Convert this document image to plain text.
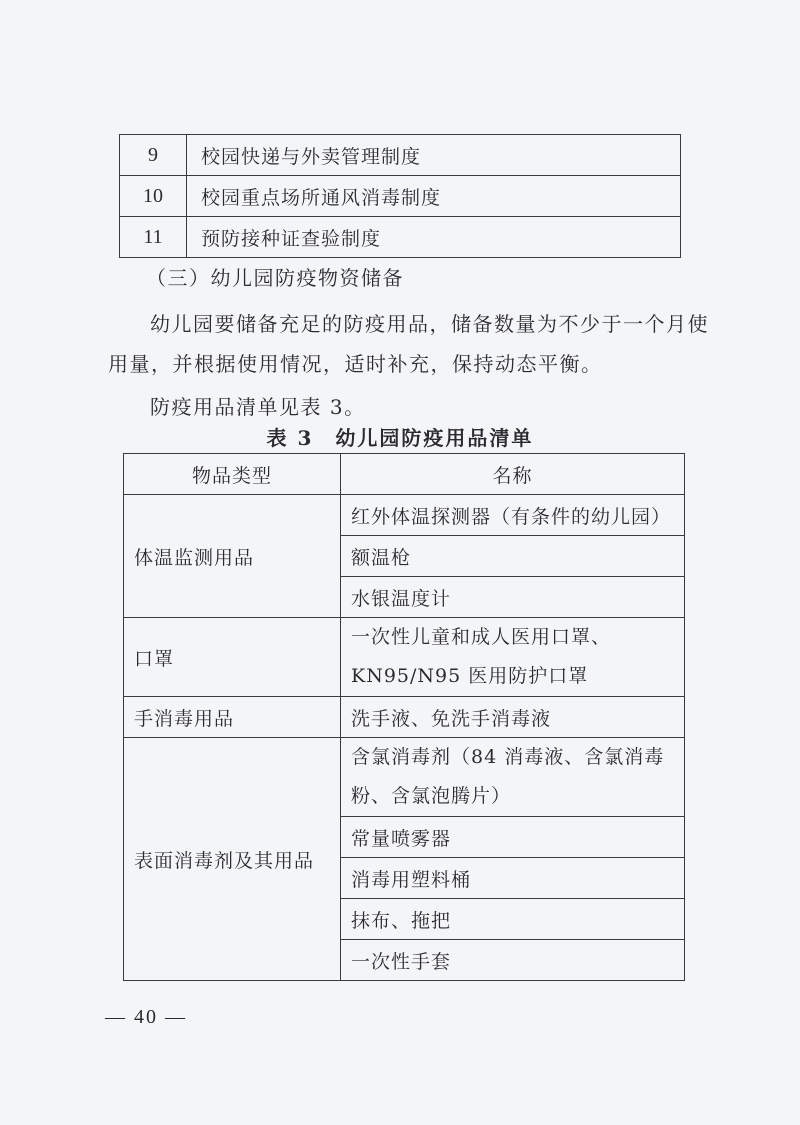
9	校园快递与外卖管理制度
10	校园重点场所通风消毒制度
11	预防接种证查验制度
（三）幼儿园防疫物资储备
幼儿园要储备充足的防疫用品，储备数量为不少于一个月使
用量，并根据使用情况，适时补充，保持动态平衡。
防疫用品清单见表 3。
表 3　幼儿园防疫用品清单
物品类型	名称
体温监测用品	红外体温探测器（有条件的幼儿园）
	额温枪
	水银温度计
口罩	一次性儿童和成人医用口罩、KN95/N95 医用防护口罩
手消毒用品	洗手液、免洗手消毒液
表面消毒剂及其用品	含氯消毒剂（84 消毒液、含氯消毒粉、含氯泡腾片）
	常量喷雾器
	消毒用塑料桶
	抹布、拖把
	一次性手套
— 40 —
